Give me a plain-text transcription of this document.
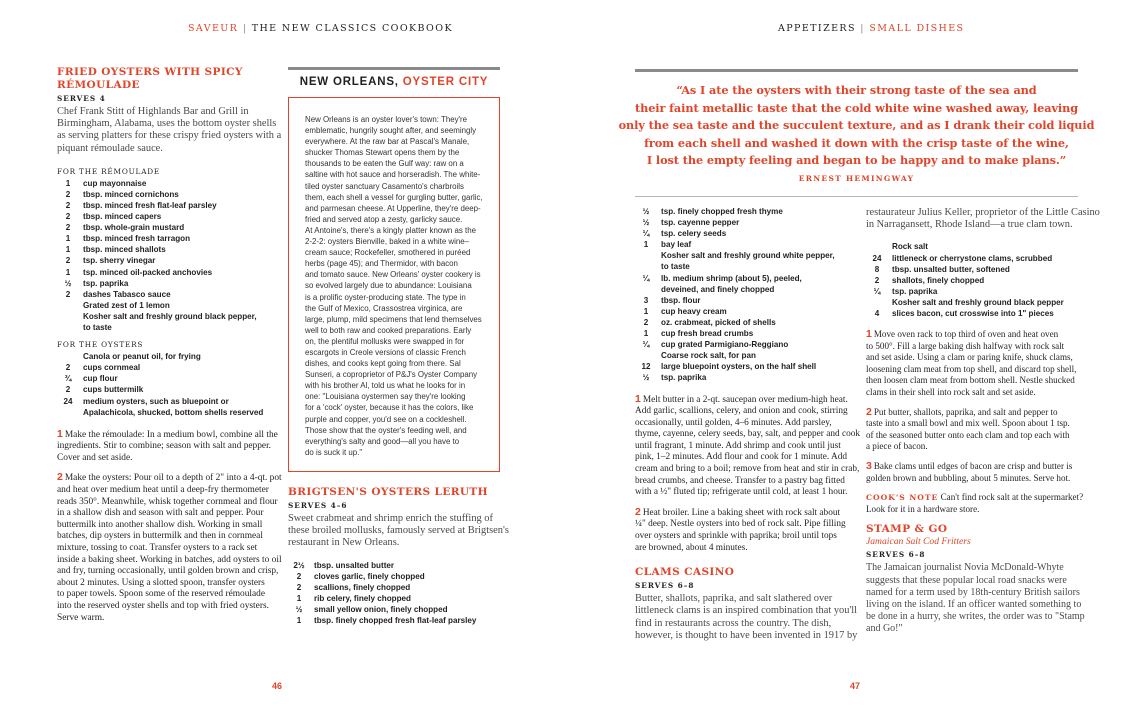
SAVEUR | THE NEW CLASSICS COOKBOOK	APPETIZERS | SMALL DISHES
FRIED OYSTERS WITH SPICY
RÉMOULADE
SERVES 4

Chef Frank Stitt of Highlands Bar and Grill in
Birmingham, Alabama, uses the bottom oyster shells
as serving platters for these crispy fried oysters with a
piquant rémoulade sauce.

FOR THE RÉMOULADE
1	cup mayonnaise
2	tbsp. minced cornichons
2	tbsp. minced fresh flat-leaf parsley
2	tbsp. minced capers
2	tbsp. whole-grain mustard
1	tbsp. minced fresh tarragon
1	tbsp. minced shallots
2	tsp. sherry vinegar
1	tsp. minced oil-packed anchovies
½	tsp. paprika
2	dashes Tabasco sauce
Grated zest of 1 lemon
Kosher salt and freshly ground black pepper,
to taste
FOR THE OYSTERS
Canola or peanut oil, for frying
2	cups cornmeal
¾	cup flour
2	cups buttermilk
24	medium oysters, such as bluepoint or
Apalachicola, shucked, bottom shells reserved

1 Make the rémoulade: In a medium bowl, combine all the
ingredients. Stir to combine; season with salt and pepper.
Cover and set aside.

2 Make the oysters: Pour oil to a depth of 2" into a 4-qt. pot
and heat over medium heat until a deep-fry thermometer
reads 350°. Meanwhile, whisk together cornmeal and flour
in a shallow dish and season with salt and pepper. Pour
buttermilk into another shallow dish. Working in small
batches, dip oysters in buttermilk and then in cornmeal
mixture, tossing to coat. Transfer oysters to a rack set
inside a baking sheet. Working in batches, add oysters to oil
and fry, turning occasionally, until golden brown and crisp,
about 2 minutes. Using a slotted spoon, transfer oysters
to paper towels. Spoon some of the reserved rémoulade
into the reserved oyster shells and top with fried oysters.
Serve warm.

NEW ORLEANS, OYSTER CITY
New Orleans is an oyster lover's town: They're
emblematic, hungrily sought after, and seemingly
everywhere. At the raw bar at Pascal's Manale,
shucker Thomas Stewart opens them by the
thousands to be eaten the Gulf way: raw on a
saltine with hot sauce and horseradish. The white-
tiled oyster sanctuary Casamento's charbroils
them, each shell a vessel for gurgling butter, garlic,
and parmesan cheese. At Upperline, they're deep-
fried and served atop a zesty, garlicky sauce.
At Antoine's, there's a kingly platter known as the
2-2-2: oysters Bienville, baked in a white wine–
cream sauce; Rockefeller, smothered in puréed
herbs (page 45); and Thermidor, with bacon
and tomato sauce. New Orleans' oyster cookery is
so evolved largely due to abundance: Louisiana
is a prolific oyster-producing state. The type in
the Gulf of Mexico, Crassostrea virginica, are
large, plump, mild specimens that lend themselves
well to both raw and cooked preparations. Early
on, the plentiful mollusks were swapped in for
escargots in Creole versions of classic French
dishes, and cooks kept going from there. Sal
Sunseri, a coproprietor of P&J's Oyster Company
with his brother Al, told us what he looks for in
one: "Louisiana oystermen say they're looking
for a 'cock' oyster, because it has the colors, like
purple and copper, you'd see on a cockleshell.
Those show that the oyster's feeding well, and
everything's salty and good—all you have to
do is suck it up."
BRIGTSEN'S OYSTERS LERUTH
SERVES 4–6

Sweet crabmeat and shrimp enrich the stuffing of
these broiled mollusks, famously served at Brigtsen's
restaurant in New Orleans.

2½	tbsp. unsalted butter
2	cloves garlic, finely chopped
2	scallions, finely chopped
1	rib celery, finely chopped
½	small yellow onion, finely chopped
1	tbsp. finely chopped fresh flat-leaf parsley
“As I ate the oysters with their strong taste of the sea and
their faint metallic taste that the cold white wine washed away, leaving
only the sea taste and the succulent texture, and as I drank their cold liquid
from each shell and washed it down with the crisp taste of the wine,
I lost the empty feeling and began to be happy and to make plans.”
ERNEST HEMINGWAY
½	tsp. finely chopped fresh thyme
½	tsp. cayenne pepper
¼	tsp. celery seeds
1	bay leaf
Kosher salt and freshly ground white pepper,
to taste
¼	lb. medium shrimp (about 5), peeled,
deveined, and finely chopped
3	tbsp. flour
1	cup heavy cream
2	oz. crabmeat, picked of shells
1	cup fresh bread crumbs
¼	cup grated Parmigiano-Reggiano
Coarse rock salt, for pan
12	large bluepoint oysters, on the half shell
½	tsp. paprika

1 Melt butter in a 2-qt. saucepan over medium-high heat.
Add garlic, scallions, celery, and onion and cook, stirring
occasionally, until golden, 4–6 minutes. Add parsley,
thyme, cayenne, celery seeds, bay, salt, and pepper and cook
until fragrant, 1 minute. Add shrimp and cook until just
pink, 1–2 minutes. Add flour and cook for 1 minute. Add
cream and bring to a boil; remove from heat and stir in crab,
bread crumbs, and cheese. Transfer to a pastry bag fitted
with a ½" fluted tip; refrigerate until cold, at least 1 hour.

2 Heat broiler. Line a baking sheet with rock salt about
¼" deep. Nestle oysters into bed of rock salt. Pipe filling
over oysters and sprinkle with paprika; broil until tops
are browned, about 4 minutes.

CLAMS CASINO
SERVES 6–8

Butter, shallots, paprika, and salt slathered over
littleneck clams is an inspired combination that you'll
find in restaurants across the country. The dish,
however, is thought to have been invented in 1917 by

restaurateur Julius Keller, proprietor of the Little Casino
in Narragansett, Rhode Island—a true clam town.

Rock salt
24	littleneck or cherrystone clams, scrubbed
8	tbsp. unsalted butter, softened
2	shallots, finely chopped
¼	tsp. paprika
Kosher salt and freshly ground black pepper
4	slices bacon, cut crosswise into 1" pieces

1 Move oven rack to top third of oven and heat oven
to 500°. Fill a large baking dish halfway with rock salt
and set aside. Using a clam or paring knife, shuck clams,
loosening clam meat from top shell, and discard top shell,
then loosen clam meat from bottom shell. Nestle shucked
clams in their shell into rock salt and set aside.

2 Put butter, shallots, paprika, and salt and pepper to
taste into a small bowl and mix well. Spoon about 1 tsp.
of the seasoned butter onto each clam and top each with
a piece of bacon.

3 Bake clams until edges of bacon are crisp and butter is
golden brown and bubbling, about 5 minutes. Serve hot.

COOK'S NOTE Can't find rock salt at the supermarket?
Look for it in a hardware store.

STAMP & GO
Jamaican Salt Cod Fritters
SERVES 6–8

The Jamaican journalist Novia McDonald-Whyte
suggests that these popular local road snacks were
named for a term used by 18th-century British sailors
living on the island. If an officer wanted something to
be done in a hurry, she writes, the order was to "Stamp
and Go!"

46	47
